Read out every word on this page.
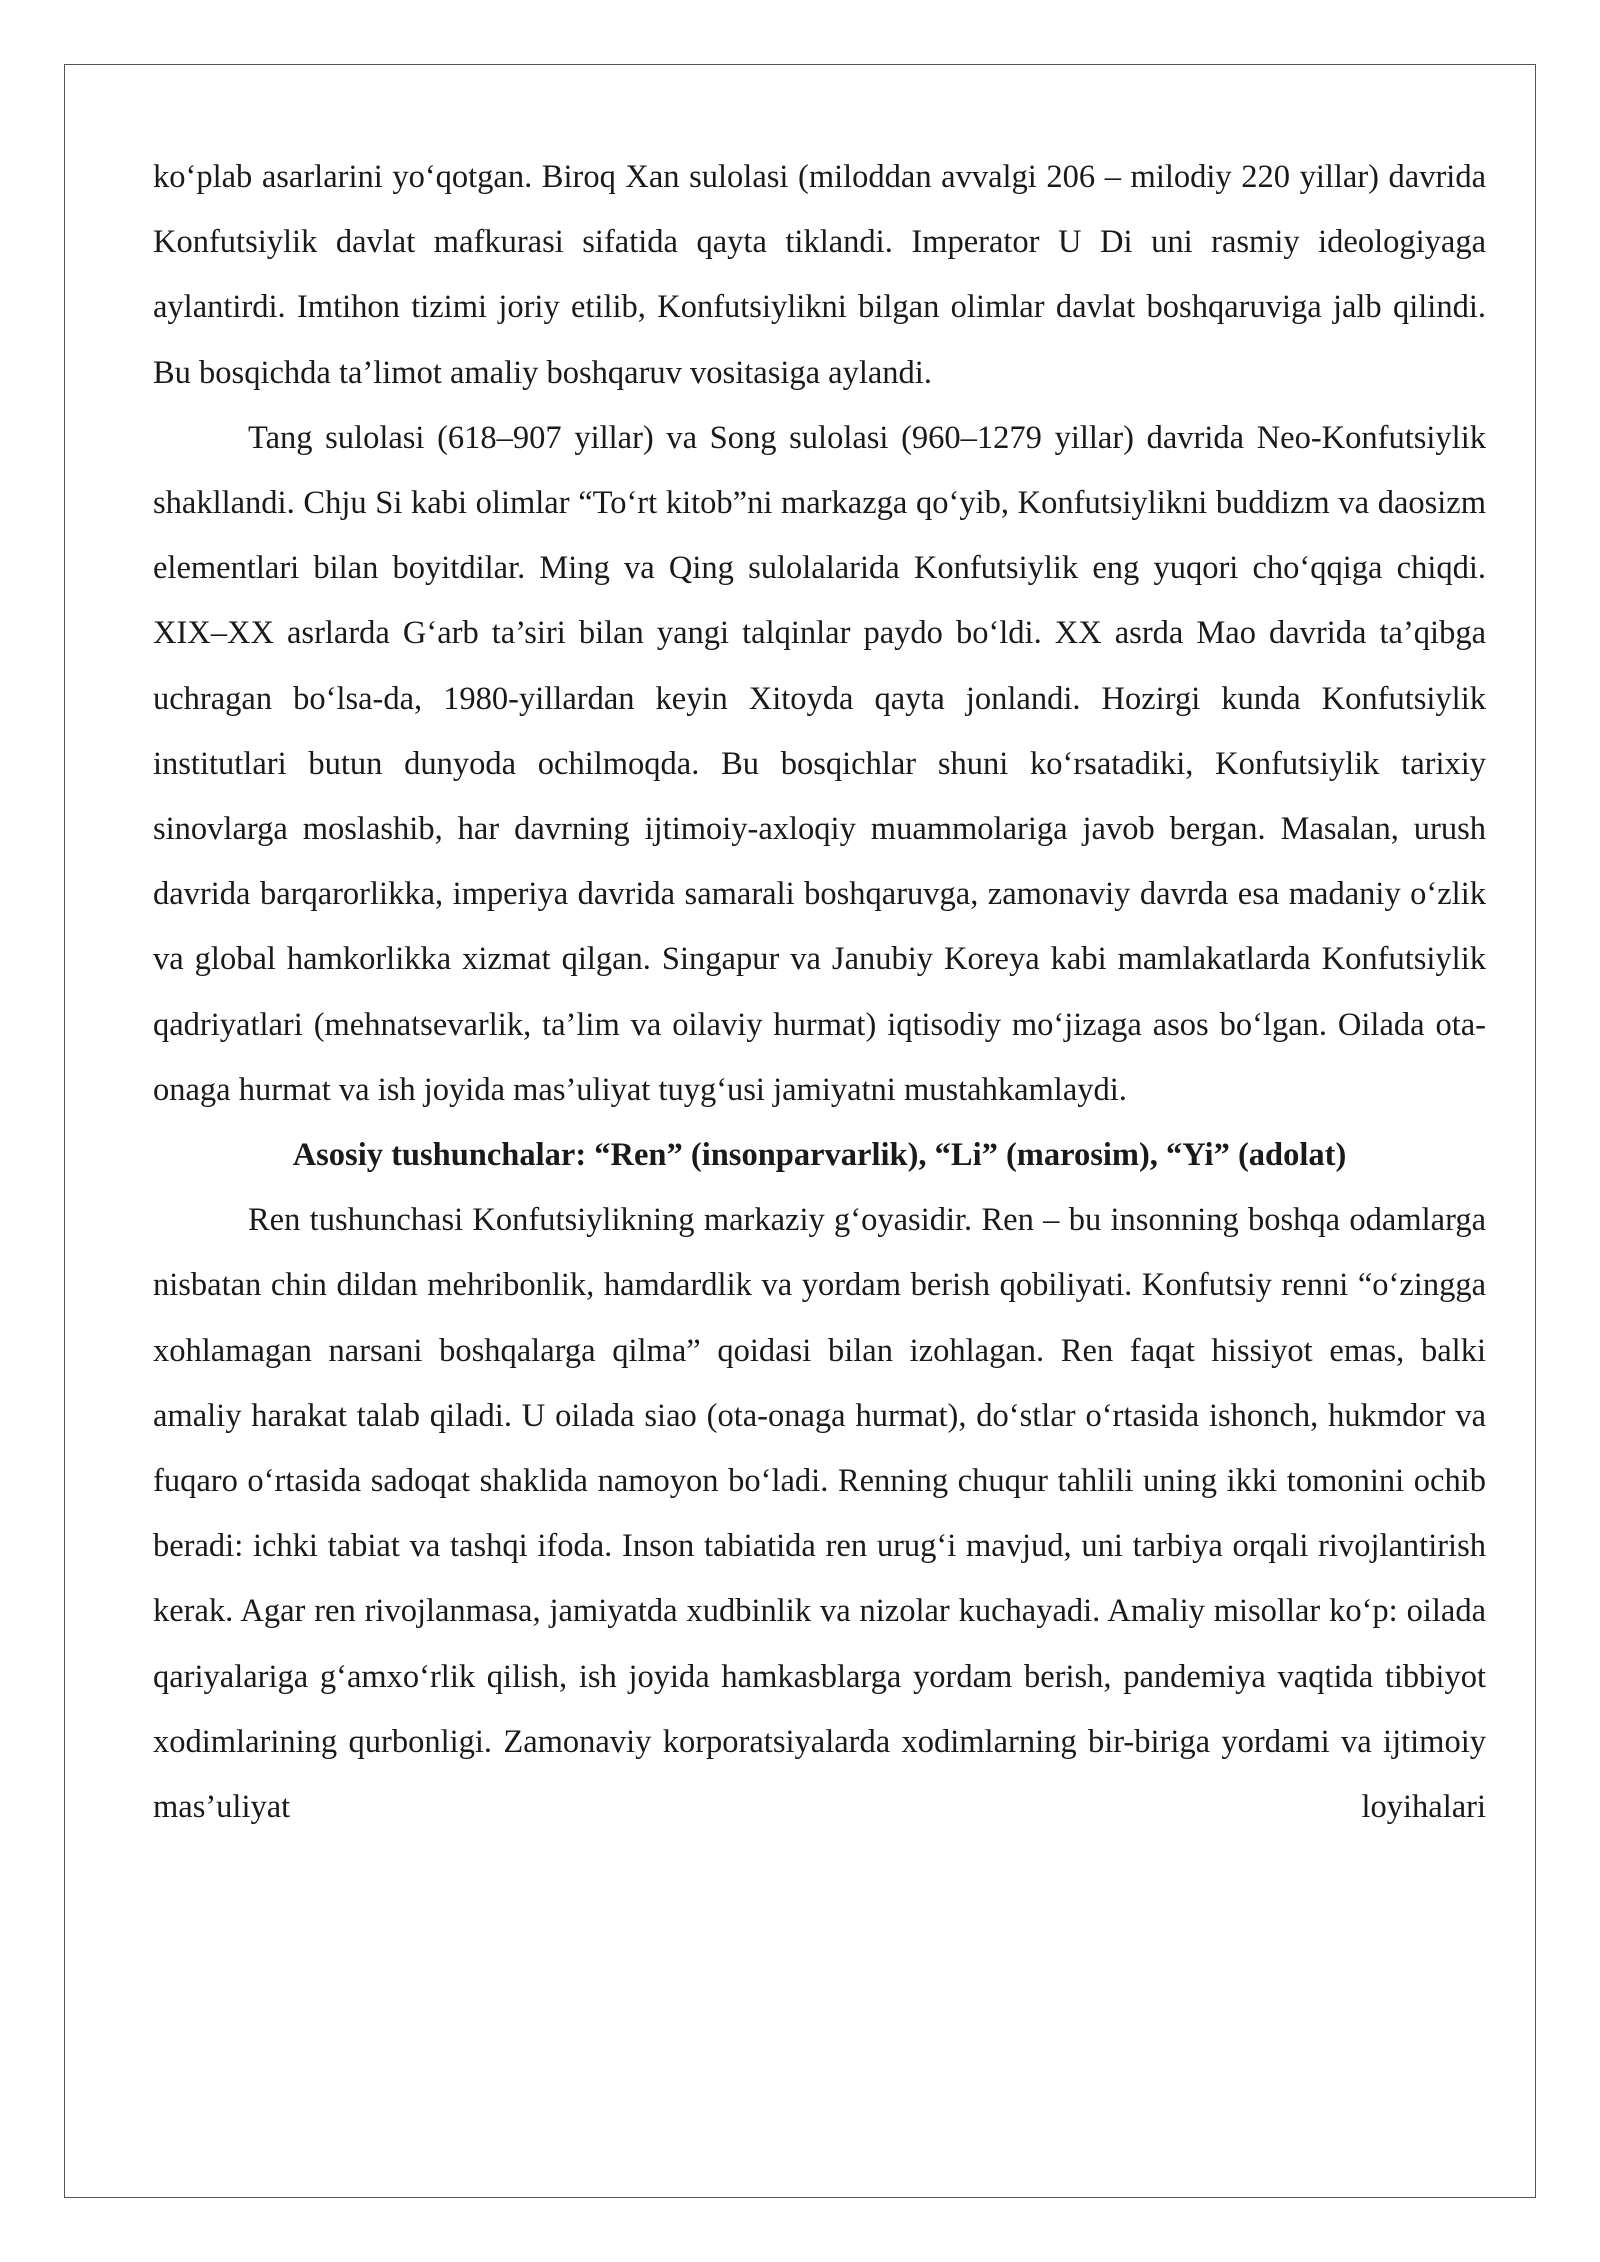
ko‘plab asarlarini yo‘qotgan. Biroq Xan sulolasi (miloddan avvalgi 206 – milodiy 220 yillar) davrida Konfutsiylik davlat mafkurasi sifatida qayta tiklandi. Imperator U Di uni rasmiy ideologiyaga aylantirdi. Imtihon tizimi joriy etilib, Konfutsiylikni bilgan olimlar davlat boshqaruviga jalb qilindi. Bu bosqichda ta’limot amaliy boshqaruv vositasiga aylandi.

Tang sulolasi (618–907 yillar) va Song sulolasi (960–1279 yillar) davrida Neo-Konfutsiylik shakllandi. Chju Si kabi olimlar “To‘rt kitob”ni markazga qo‘yib, Konfutsiylikni buddizm va daosizm elementlari bilan boyitdilar. Ming va Qing sulolalarida Konfutsiylik eng yuqori cho‘qqiga chiqdi. XIX–XX asrlarda G‘arb ta’siri bilan yangi talqinlar paydo bo‘ldi. XX asrda Mao davrida ta’qibga uchragan bo‘lsa-da, 1980-yillardan keyin Xitoyda qayta jonlandi. Hozirgi kunda Konfutsiylik institutlari butun dunyoda ochilmoqda. Bu bosqichlar shuni ko‘rsatadiki, Konfutsiylik tarixiy sinovlarga moslashib, har davrning ijtimoiy-axloqiy muammolariga javob bergan. Masalan, urush davrida barqarorlikka, imperiya davrida samarali boshqaruvga, zamonaviy davrda esa madaniy o‘zlik va global hamkorlikka xizmat qilgan. Singapur va Janubiy Koreya kabi mamlakatlarda Konfutsiylik qadriyatlari (mehnatsevarlik, ta’lim va oilaviy hurmat) iqtisodiy mo‘jizaga asos bo‘lgan. Oilada ota-onaga hurmat va ish joyida mas’uliyat tuyg‘usi jamiyatni mustahkamlaydi.

Asosiy tushunchalar: “Ren” (insonparvarlik), “Li” (marosim), “Yi” (adolat)

Ren tushunchasi Konfutsiylikning markaziy g‘oyasidir. Ren – bu insonning boshqa odamlarga nisbatan chin dildan mehribonlik, hamdardlik va yordam berish qobiliyati. Konfutsiy renni “o‘zingga xohlamagan narsani boshqalarga qilma” qoidasi bilan izohlagan. Ren faqat hissiyot emas, balki amaliy harakat talab qiladi. U oilada siao (ota-onaga hurmat), do‘stlar o‘rtasida ishonch, hukmdor va fuqaro o‘rtasida sadoqat shaklida namoyon bo‘ladi. Renning chuqur tahlili uning ikki tomonini ochib beradi: ichki tabiat va tashqi ifoda. Inson tabiatida ren urug‘i mavjud, uni tarbiya orqali rivojlantirish kerak. Agar ren rivojlanmasa, jamiyatda xudbinlik va nizolar kuchayadi. Amaliy misollar ko‘p: oilada qariyalariga g‘amxo‘rlik qilish, ish joyida hamkasblarga yordam berish, pandemiya vaqtida tibbiyot xodimlarining qurbonligi. Zamonaviy korporatsiyalarda xodimlarning bir-biriga yordami va ijtimoiy mas’uliyat loyihalari
